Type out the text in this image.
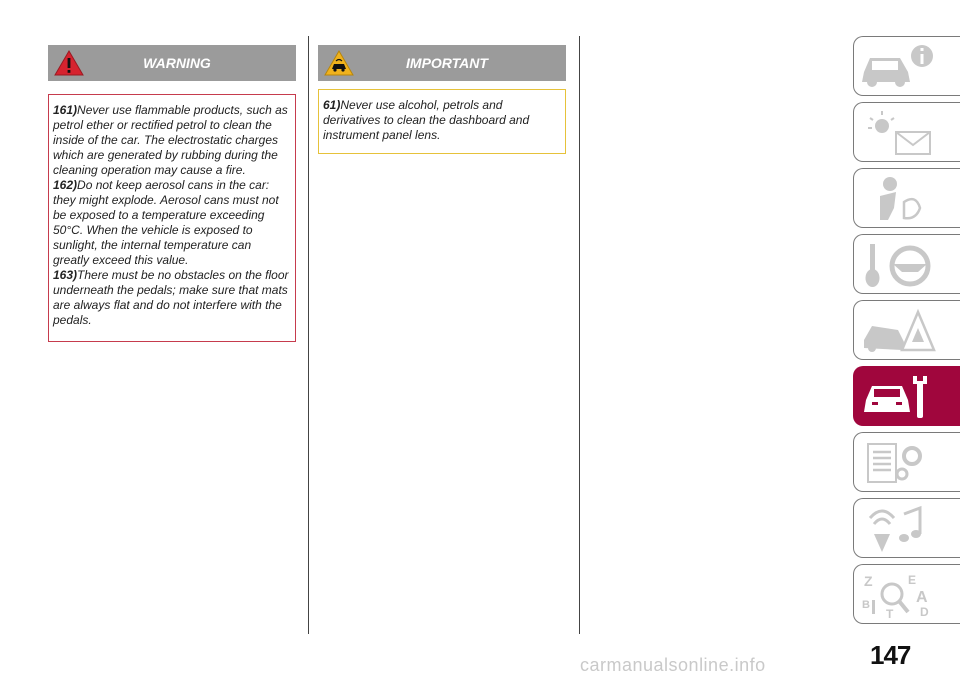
WARNING
161)Never use flammable products, such as petrol ether or rectified petrol to clean the inside of the car. The electrostatic charges which are generated by rubbing during the cleaning operation may cause a fire.
162)Do not keep aerosol cans in the car: they might explode. Aerosol cans must not be exposed to a temperature exceeding 50°C. When the vehicle is exposed to sunlight, the internal temperature can greatly exceed this value.
163)There must be no obstacles on the floor underneath the pedals; make sure that mats are always flat and do not interfere with the pedals.
IMPORTANT
61)Never use alcohol, petrols and derivatives to clean the dashboard and instrument panel lens.
Z	E
B	A
D
T
147
carmanualsonline.info
